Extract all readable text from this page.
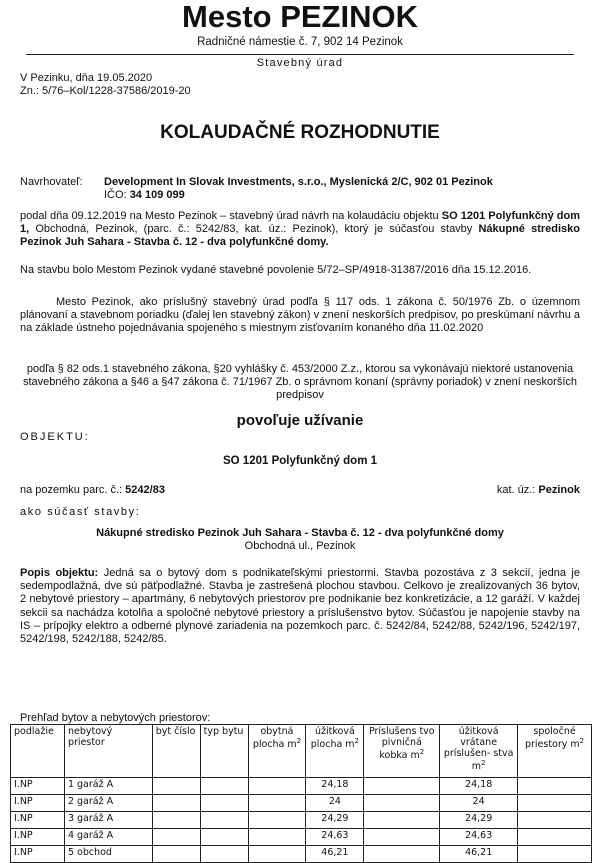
Mesto PEZINOK
Radničné námestie č. 7, 902 14 Pezinok
Stavebný úrad
V Pezinku, dňa 19.05.2020
Zn.: 5/76–Kol/1228-37586/2019-20
KOLAUDAČNÉ ROZHODNUTIE
Navrhovateľ: Development In Slovak Investments, s.r.o., Myslenická 2/C, 902 01 Pezinok
IČO: 34 109 099
podal dňa 09.12.2019 na Mesto Pezinok – stavebný úrad návrh na kolaudáciu objektu SO 1201 Polyfunkčný dom 1, Obchodná, Pezinok, (parc. č.: 5242/83, kat. úz.: Pezinok), ktorý je súčasťou stavby Nákupné stredisko Pezinok Juh Sahara - Stavba č. 12 - dva polyfunkčné domy.
Na stavbu bolo Mestom Pezinok vydané stavebné povolenie 5/72–SP/4918-31387/2016 dňa 15.12.2016.
Mesto Pezinok, ako príslušný stavebný úrad podľa § 117 ods. 1 zákona č. 50/1976 Zb. o územnom plánovaní a stavebnom poriadku (ďalej len stavebný zákon) v znení neskorších predpisov, po preskúmaní návrhu a na základe ústneho pojednávania spojeného s miestnym zisťovaním konaného dňa 11.02.2020
podľa § 82 ods.1 stavebného zákona, §20 vyhlášky č. 453/2000 Z.z., ktorou sa vykonávajú niektoré ustanovenia stavebného zákona a §46 a §47 zákona č. 71/1967 Zb. o správnom konaní (správny poriadok) v znení neskorších predpisov
povoľuje užívanie
OBJEKTU:
SO 1201 Polyfunkčný dom 1
na pozemku parc. č.: 5242/83	kat. úz.: Pezinok
ako súčasť stavby:
Nákupné stredisko Pezinok Juh Sahara - Stavba č. 12 - dva polyfunkčné domy
Obchodná ul., Pezinok
Popis objektu: Jedná sa o bytový dom s podnikateľskými priestormi. Stavba pozostáva z 3 sekcií, jedna je sedempodlažná, dve sú päťpodlažné. Stavba je zastrešená plochou stavbou. Celkovo je zrealizovaných 36 bytov, 2 nebytové priestory – apartmány, 6 nebytových priestorov pre podnikanie bez konkretizácie, a 12 garáží. V každej sekcii sa nachádza kotolňa a spoločné nebytové priestory a príslušenstvo bytov. Súčasťou je napojenie stavby na IS – prípojky elektro a odberné plynové zariadenia na pozemkoch parc. č. 5242/84, 5242/88, 5242/196, 5242/197, 5242/198, 5242/188, 5242/85.
Prehľad bytov a nebytových priestorov:
podlažie	nebytový priestor	byt číslo	typ bytu	obytná plocha $m^2$	úžitková plocha $m^2$	Príslušens tvo pivničná kobka $m^2$	úžitková vrátane príslušen- stva $m^2$	spoločné priestory $m^2$
I.NP	1 garáž A				24,18		24,18	
I.NP	2 garáž A				24		24	
I.NP	3 garáž A				24,29		24,29	
I.NP	4 garáž A				24,63		24,63	
I.NP	5 obchod				46,21		46,21	
